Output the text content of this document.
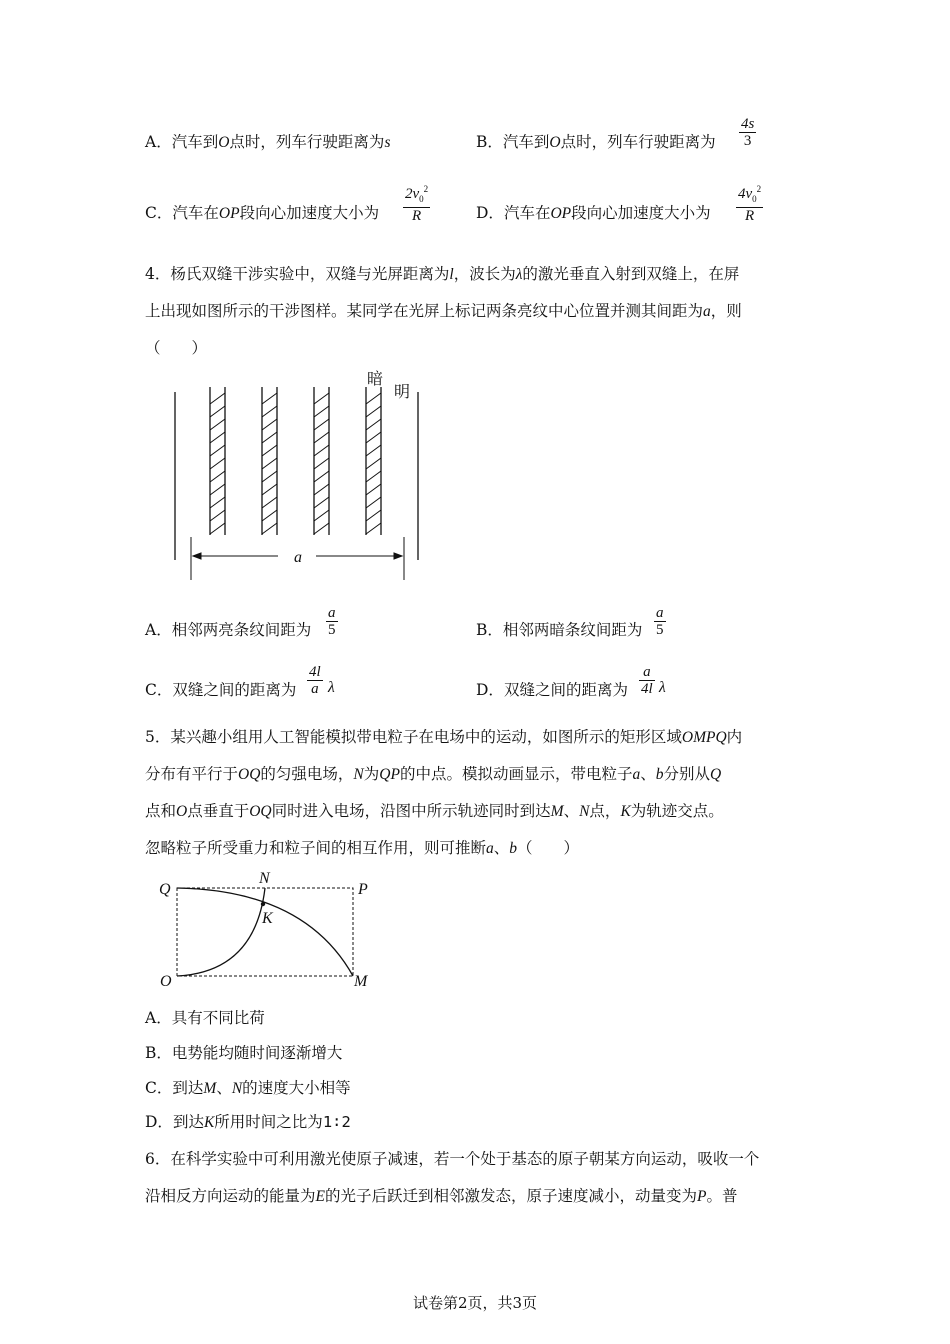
A．汽车到O点时，列车行驶距离为s	B．汽车到O点时，列车行驶距离为 $\frac{4s}{3}$
C．汽车在OP段向心加速度大小为 $\frac{2v_0^2}{R}$	D．汽车在OP段向心加速度大小为 $\frac{4v_0^2}{R}$
4．杨氏双缝干涉实验中，双缝与光屏距离为l，波长为λ的激光垂直入射到双缝上，在屏
上出现如图所示的干涉图样。某同学在光屏上标记两条亮纹中心位置并测其间距为a，则
（　　）
暗
明
a
A．相邻两亮条纹间距为 $\frac{a}{5}$	B．相邻两暗条纹间距为 $\frac{a}{5}$
C．双缝之间的距离为 $\frac{4l}{a}$ λ	D．双缝之间的距离为 $\frac{a}{4l}$ λ
5．某兴趣小组用人工智能模拟带电粒子在电场中的运动，如图所示的矩形区域OMPQ内
分布有平行于OQ的匀强电场，N为QP的中点。模拟动画显示，带电粒子a、b分别从Q
点和O点垂直于OQ同时进入电场，沿图中所示轨迹同时到达M、N点，K为轨迹交点。
忽略粒子所受重力和粒子间的相互作用，则可推断a、b（　　）
Q
N
P
K
O	M
A．具有不同比荷
B．电势能均随时间逐渐增大
C．到达M、N的速度大小相等
D．到达K所用时间之比为1∶2
6．在科学实验中可利用激光使原子减速，若一个处于基态的原子朝某方向运动，吸收一个
沿相反方向运动的能量为E的光子后跃迁到相邻激发态，原子速度减小，动量变为P。普
试卷第2页，共3页
